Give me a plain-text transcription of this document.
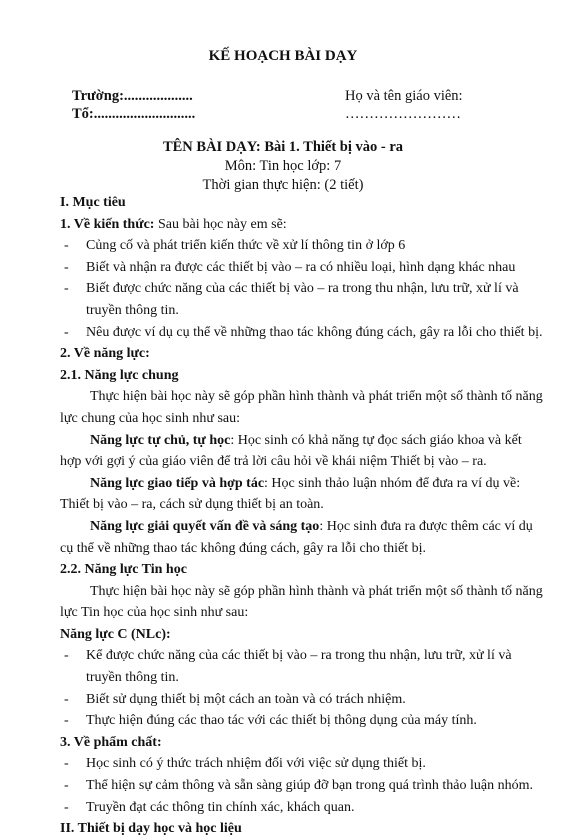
KẾ HOẠCH BÀI DẠY
Trường:...................	Họ và tên giáo viên:
Tổ:............................	……………………
TÊN BÀI DẠY: Bài 1. Thiết bị vào - ra
Môn: Tin học lớp: 7
Thời gian thực hiện: (2 tiết)
I. Mục tiêu
1. Về kiến thức: Sau bài học này em sẽ:
- Củng cố và phát triển kiến thức về xử lí thông tin ở lớp 6
- Biết và nhận ra được các thiết bị vào – ra có nhiều loại, hình dạng khác nhau
- Biết được chức năng của các thiết bị vào – ra trong thu nhận, lưu trữ, xử lí và
truyền thông tin.
- Nêu được ví dụ cụ thể về những thao tác không đúng cách, gây ra lỗi cho thiết bị.
2. Về năng lực:
2.1. Năng lực chung
Thực hiện bài học này sẽ góp phần hình thành và phát triển một số thành tố năng
lực chung của học sinh như sau:
Năng lực tự chủ, tự học: Học sinh có khả năng tự đọc sách giáo khoa và kết
hợp với gợi ý của giáo viên để trả lời câu hỏi về khái niệm Thiết bị vào – ra.
Năng lực giao tiếp và hợp tác: Học sinh thảo luận nhóm để đưa ra ví dụ về:
Thiết bị vào – ra, cách sử dụng thiết bị an toàn.
Năng lực giải quyết vấn đề và sáng tạo: Học sinh đưa ra được thêm các ví dụ
cụ thể về những thao tác không đúng cách, gây ra lỗi cho thiết bị.
2.2. Năng lực Tin học
Thực hiện bài học này sẽ góp phần hình thành và phát triển một số thành tố năng
lực Tin học của học sinh như sau:
Năng lực C (NLc):
- Kể được chức năng của các thiết bị vào – ra trong thu nhận, lưu trữ, xử lí và
truyền thông tin.
- Biết sử dụng thiết bị một cách an toàn và có trách nhiệm.
- Thực hiện đúng các thao tác với các thiết bị thông dụng của máy tính.
3. Về phẩm chất:
- Học sinh có ý thức trách nhiệm đối với việc sử dụng thiết bị.
- Thể hiện sự cảm thông và sẵn sàng giúp đỡ bạn trong quá trình thảo luận nhóm.
- Truyền đạt các thông tin chính xác, khách quan.
II. Thiết bị dạy học và học liệu
